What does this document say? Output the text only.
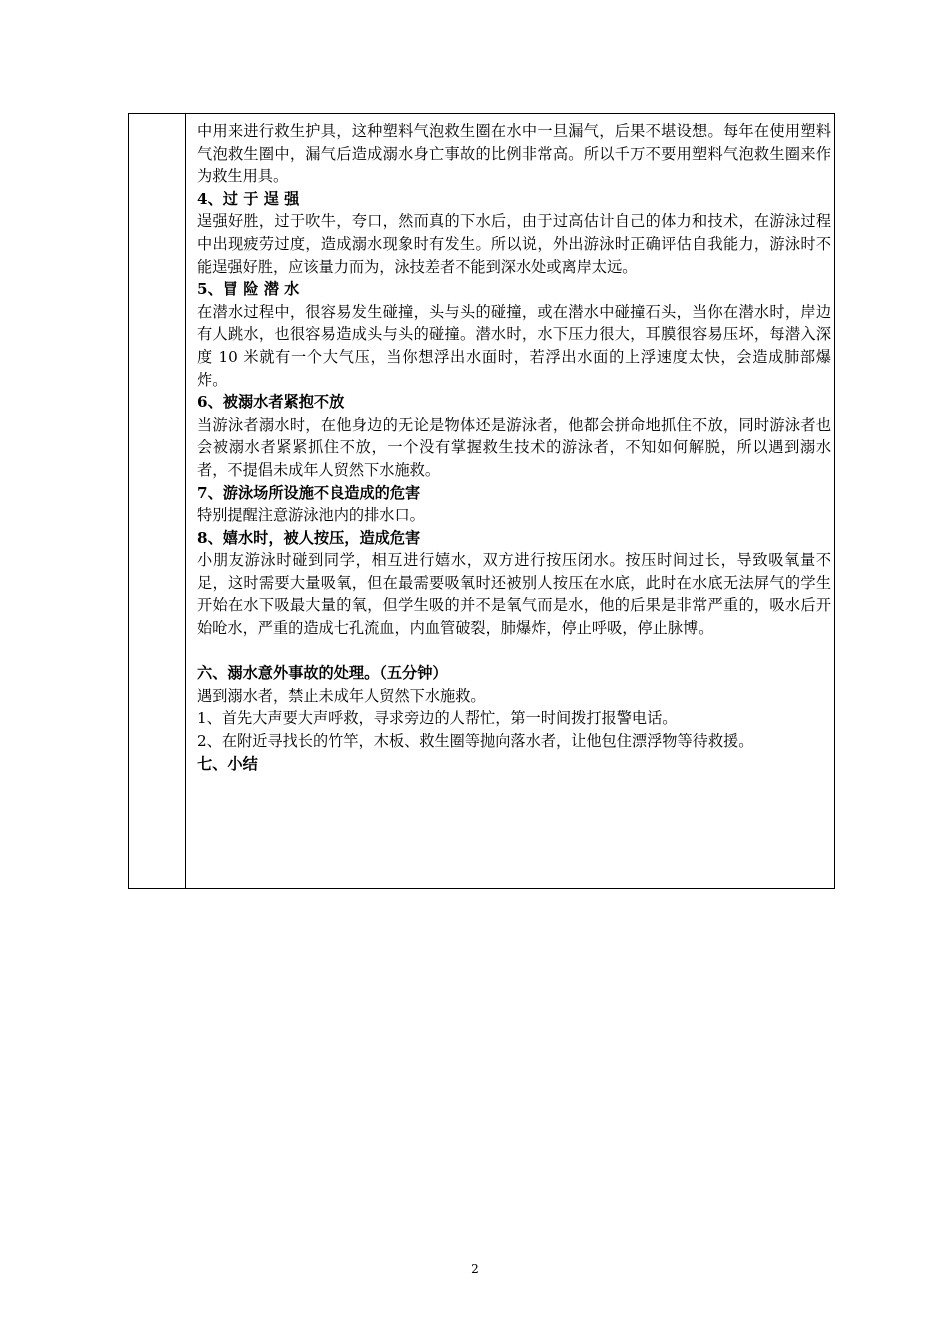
中用来进行救生护具，这种塑料气泡救生圈在水中一旦漏气，后果不堪设想。每年在使用塑料气泡救生圈中，漏气后造成溺水身亡事故的比例非常高。所以千万不要用塑料气泡救生圈来作为救生用具。

4、过 于 逞 强

逞强好胜，过于吹牛，夸口，然而真的下水后，由于过高估计自己的体力和技术，在游泳过程中出现疲劳过度，造成溺水现象时有发生。所以说，外出游泳时正确评估自我能力，游泳时不能逞强好胜，应该量力而为，泳技差者不能到深水处或离岸太远。

5、冒 险 潜 水

在潜水过程中，很容易发生碰撞，头与头的碰撞，或在潜水中碰撞石头，当你在潜水时，岸边有人跳水，也很容易造成头与头的碰撞。潜水时，水下压力很大，耳膜很容易压坏，每潜入深度 10 米就有一个大气压，当你想浮出水面时，若浮出水面的上浮速度太快，会造成肺部爆炸。

6、被溺水者紧抱不放

当游泳者溺水时，在他身边的无论是物体还是游泳者，他都会拼命地抓住不放，同时游泳者也会被溺水者紧紧抓住不放，一个没有掌握救生技术的游泳者，不知如何解脱，所以遇到溺水者，不提倡未成年人贸然下水施救。

7、游泳场所设施不良造成的危害

特别提醒注意游泳池内的排水口。

8、嬉水时，被人按压，造成危害

小朋友游泳时碰到同学，相互进行嬉水，双方进行按压闭水。按压时间过长，导致吸氧量不足，这时需要大量吸氧，但在最需要吸氧时还被别人按压在水底，此时在水底无法屏气的学生开始在水下吸最大量的氧，但学生吸的并不是氧气而是水，他的后果是非常严重的，吸水后开始呛水，严重的造成七孔流血，内血管破裂，肺爆炸，停止呼吸，停止脉博。

六、溺水意外事故的处理。（五分钟）

遇到溺水者，禁止未成年人贸然下水施救。

1、首先大声要大声呼救，寻求旁边的人帮忙，第一时间拨打报警电话。

2、在附近寻找长的竹竿，木板、救生圈等抛向落水者，让他包住漂浮物等待救援。

七、小结

2
